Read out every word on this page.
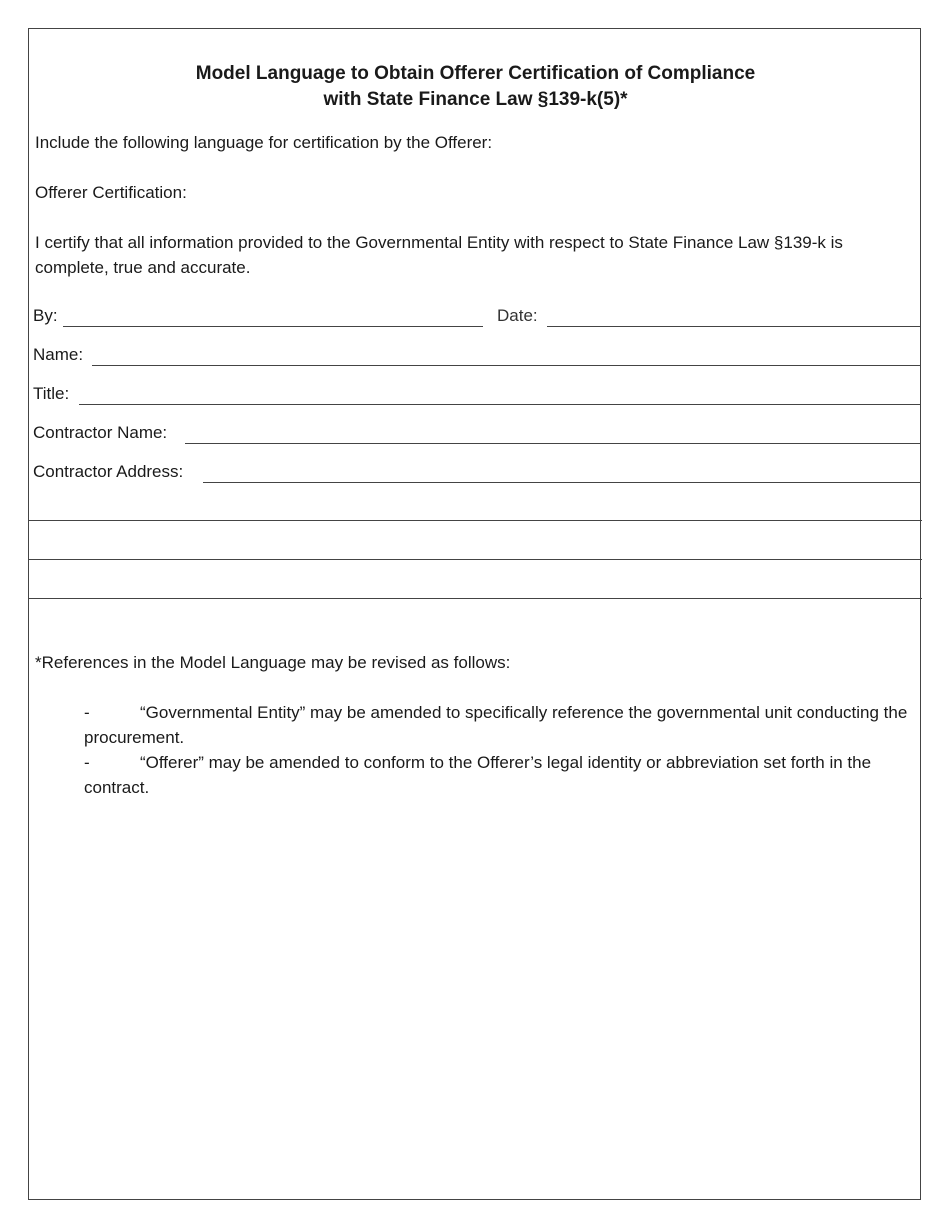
Model Language to Obtain Offerer Certification of Compliance
with State Finance Law §139-k(5)*
Include the following language for certification by the Offerer:
Offerer Certification:
I certify that all information provided to the Governmental Entity with respect to State Finance Law §139-k is complete, true and accurate.
By:	Date:
Name:
Title:
Contractor Name:
Contractor Address:
*References in the Model Language may be revised as follows:
-	“Governmental Entity” may be amended to specifically reference the governmental unit conducting the procurement.
-	“Offerer” may be amended to conform to the Offerer’s legal identity or abbreviation set forth in the contract.
